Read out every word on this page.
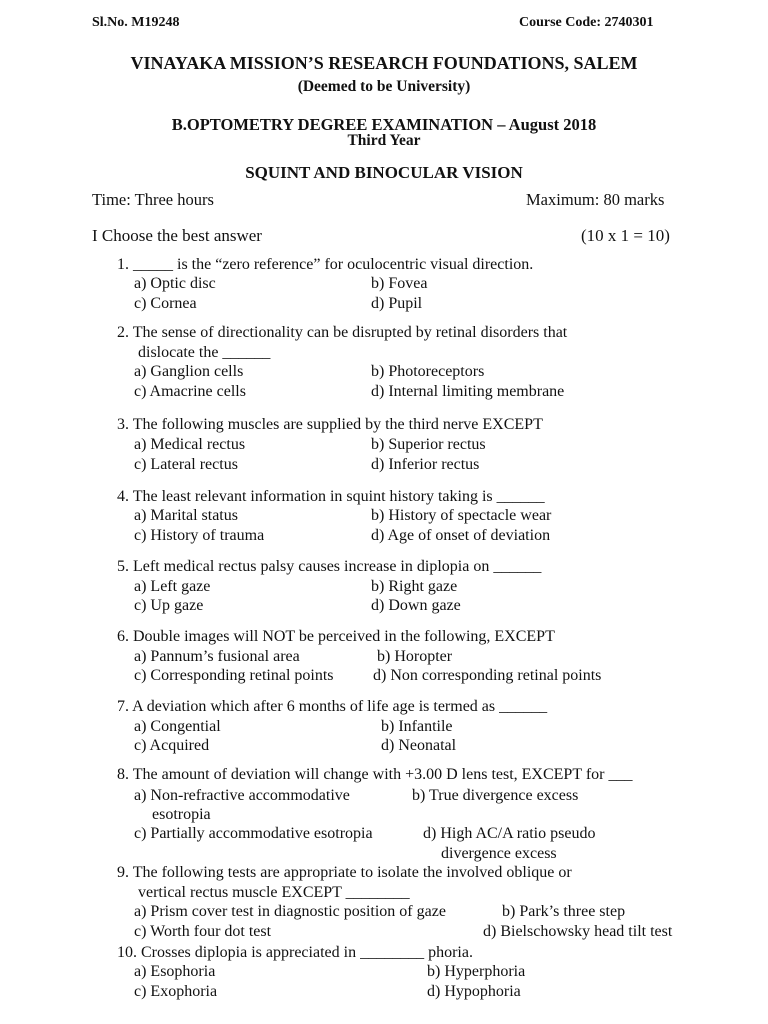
Sl.No. M19248	Course Code: 2740301
VINAYAKA MISSION’S RESEARCH FOUNDATIONS, SALEM
(Deemed to be University)
B.OPTOMETRY DEGREE EXAMINATION – August 2018
Third Year
SQUINT AND BINOCULAR VISION
Time: Three hours	Maximum: 80 marks
I Choose the best answer	(10 x 1 = 10)
1. _____ is the “zero reference” for oculocentric visual direction.
a) Optic disc	b) Fovea
c) Cornea	d) Pupil
2. The sense of directionality can be disrupted by retinal disorders that
dislocate the ______
a) Ganglion cells	b) Photoreceptors
c) Amacrine cells	d) Internal limiting membrane
3. The following muscles are supplied by the third nerve EXCEPT
a) Medical rectus	b) Superior rectus
c) Lateral rectus	d) Inferior rectus
4. The least relevant information in squint history taking is ______
a) Marital status	b) History of spectacle wear
c) History of trauma	d) Age of onset of deviation
5. Left medical rectus palsy causes increase in diplopia on ______
a) Left gaze	b) Right gaze
c) Up gaze	d) Down gaze
6. Double images will NOT be perceived in the following, EXCEPT
a) Pannum’s fusional area	b) Horopter
c) Corresponding retinal points d) Non corresponding retinal points
7. A deviation which after 6 months of life age is termed as ______
a) Congential	b) Infantile
c) Acquired	d) Neonatal
8. The amount of deviation will change with +3.00 D lens test, EXCEPT for ___
a) Non-refractive accommodative	b) True divergence excess
esotropia
c) Partially accommodative esotropia	d) High AC/A ratio pseudo
divergence excess
9. The following tests are appropriate to isolate the involved oblique or
vertical rectus muscle EXCEPT ________
a) Prism cover test in diagnostic position of gaze	b) Park’s three step
c) Worth four dot test	d) Bielschowsky head tilt test
10. Crosses diplopia is appreciated in ________ phoria.
a) Esophoria	b) Hyperphoria
c) Exophoria	d) Hypophoria
